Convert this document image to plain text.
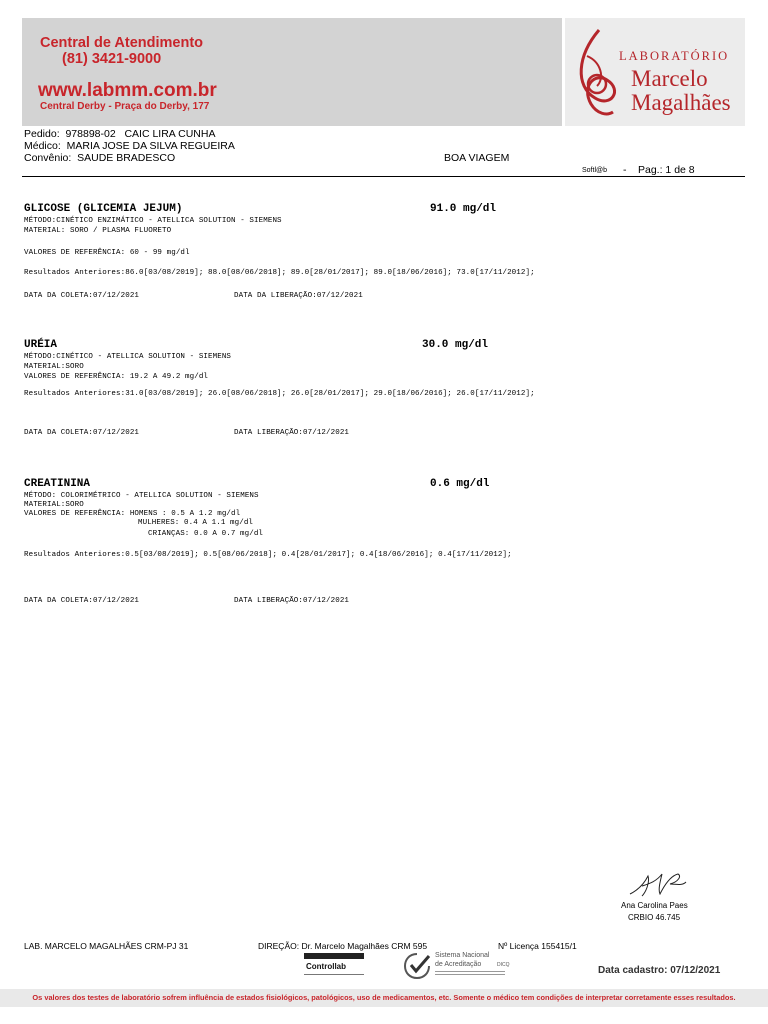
Central de Atendimento
(81) 3421-9000
www.labmm.com.br
Central Derby - Praça do Derby, 177
LABORATÓRIO
Marcelo
Magalhães
Pedido: 978898-02 CAIC LIRA CUNHA
Médico: MARIA JOSE DA SILVA REGUEIRA
Convênio: SAUDE BRADESCO	BOA VIAGEM
Softl@b - Pag.: 1 de 8
GLICOSE (GLICEMIA JEJUM)	91.0 mg/dl
MÉTODO:CINÉTICO ENZIMÁTICO - ATELLICA SOLUTION - SIEMENS
MATERIAL: SORO / PLASMA FLUORETO
VALORES DE REFERÊNCIA: 60 - 99 mg/dl
Resultados Anteriores:86.0[03/08/2019]; 88.0[08/06/2018]; 89.0[28/01/2017]; 89.0[18/06/2016]; 73.0[17/11/2012];
DATA DA COLETA:07/12/2021	DATA DA LIBERAÇÃO:07/12/2021
URÉIA	30.0 mg/dl
MÉTODO:CINÉTICO - ATELLICA SOLUTION - SIEMENS
MATERIAL:SORO
VALORES DE REFERÊNCIA: 19.2 A 49.2 mg/dl
Resultados Anteriores:31.0[03/08/2019]; 26.0[08/06/2018]; 26.0[28/01/2017]; 29.0[18/06/2016]; 26.0[17/11/2012];
DATA DA COLETA:07/12/2021	DATA LIBERAÇÃO:07/12/2021
CREATININA	0.6 mg/dl
MÉTODO: COLORIMÉTRICO - ATELLICA SOLUTION - SIEMENS
MATERIAL:SORO
VALORES DE REFERÊNCIA: HOMENS : 0.5 A 1.2 mg/dl
MULHERES: 0.4 A 1.1 mg/dl
CRIANÇAS: 0.0 A 0.7 mg/dl
Resultados Anteriores:0.5[03/08/2019]; 0.5[08/06/2018]; 0.4[28/01/2017]; 0.4[18/06/2016]; 0.4[17/11/2012];
DATA DA COLETA:07/12/2021	DATA LIBERAÇÃO:07/12/2021
Ana Carolina Paes
CRBIO 46.745
LAB. MARCELO MAGALHÃES CRM-PJ 31	DIREÇÃO: Dr. Marcelo Magalhães CRM 595	Nº Licença 155415/1
Controllab
Sistema Nacional
de Acreditação	DICQ	Data cadastro: 07/12/2021
Os valores dos testes de laboratório sofrem influência de estados fisiológicos, patológicos, uso de medicamentos, etc. Somente o médico tem condições de interpretar corretamente esses resultados.
